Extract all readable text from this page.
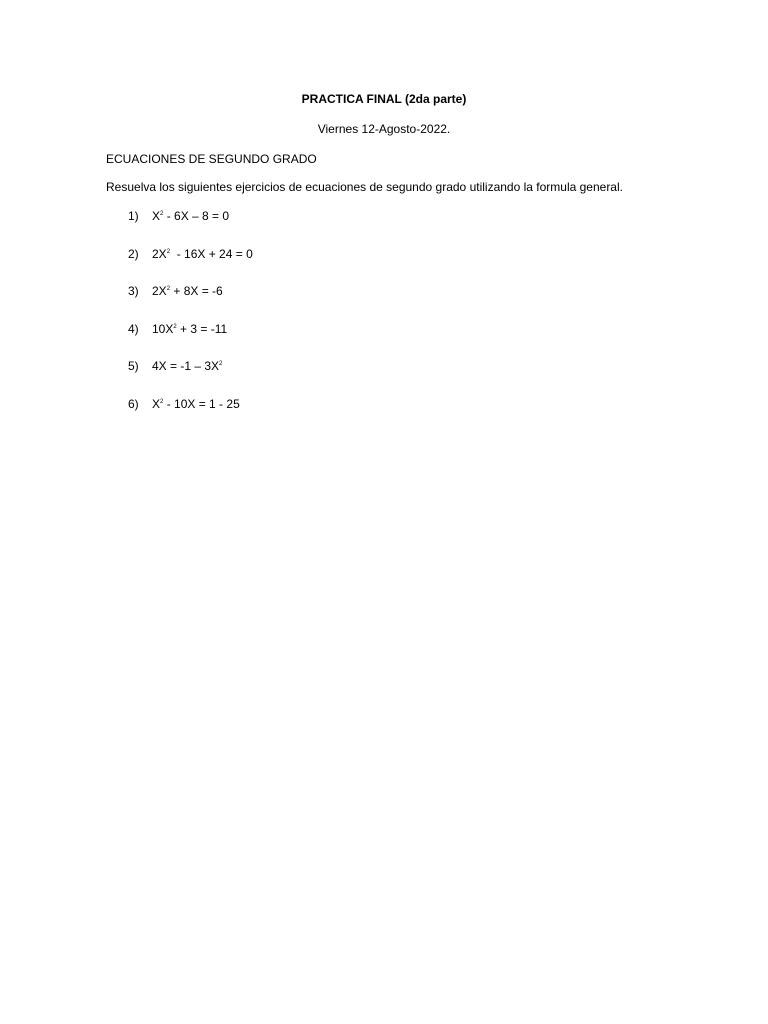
PRACTICA FINAL (2da parte)
Viernes 12-Agosto-2022.
ECUACIONES DE SEGUNDO GRADO
Resuelva los siguientes ejercicios de ecuaciones de segundo grado utilizando la formula general.
1) $X^2 - 6X - 8 = 0$
2) $2X^2 - 16X + 24 = 0$
3) $2X^2 + 8X = -6$
4) $10X^2 + 3 = -11$
5) $4X = -1 - 3X^2$
6) $X^2 - 10X = 1 - 25$
